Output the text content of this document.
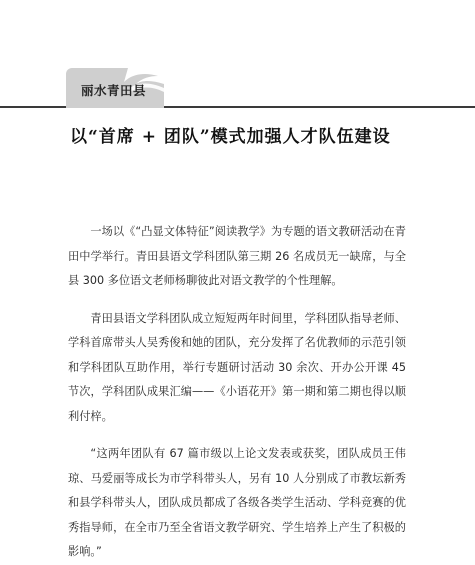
丽水青田县
以“首席 + 团队”模式加强人才队伍建设

一场以《“凸显文体特征”阅读教学》为专题的语文教研活动在青田中学举行。青田县语文学科团队第三期 26 名成员无一缺席，与全县 300 多位语文老师杨聊彼此对语文教学的个性理解。

青田县语文学科团队成立短短两年时间里，学科团队指导老师、学科首席带头人吴秀俊和她的团队，充分发挥了名优教师的示范引领和学科团队互助作用，举行专题研讨活动 30 余次、开办公开课 45 节次，学科团队成果汇编——《小语花开》第一期和第二期也得以顺利付梓。

“这两年团队有 67 篇市级以上论文发表或获奖，团队成员王伟琼、马爱丽等成长为市学科带头人，另有 10 人分别成了市教坛新秀和县学科带头人，团队成员都成了各级各类学生活动、学科竞赛的优秀指导师，在全市乃至全省语文教学研究、学生培养上产生了积极的影响。”
